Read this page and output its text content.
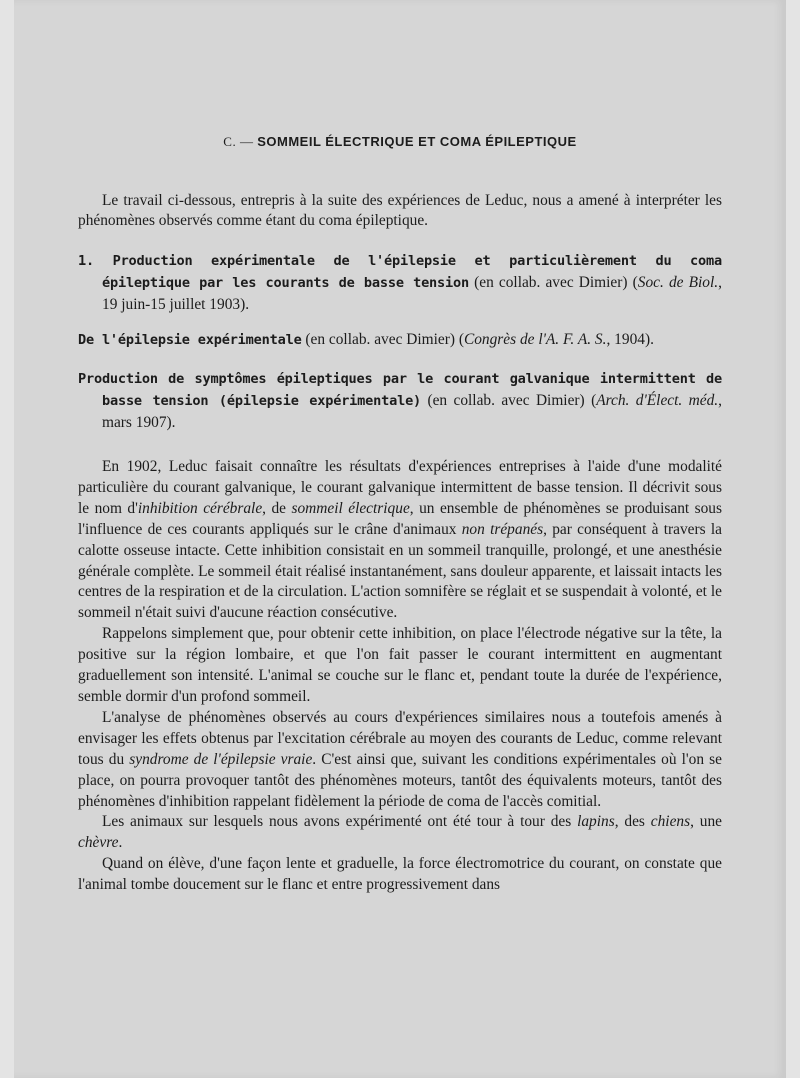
C. — SOMMEIL ÉLECTRIQUE ET COMA ÉPILEPTIQUE
Le travail ci-dessous, entrepris à la suite des expériences de Leduc, nous a amené à interpréter les phénomènes observés comme étant du coma épileptique.
1. Production expérimentale de l'épilepsie et particulièrement du coma épileptique par les courants de basse tension (en collab. avec Dimier) (Soc. de Biol., 19 juin-15 juillet 1903).
De l'épilepsie expérimentale (en collab. avec Dimier) (Congrès de l'A. F. A. S., 1904).
Production de symptômes épileptiques par le courant galvanique intermittent de basse tension (épilepsie expérimentale) (en collab. avec Dimier) (Arch. d'Élect. méd., mars 1907).

En 1902, Leduc faisait connaître les résultats d'expériences entreprises à l'aide d'une modalité particulière du courant galvanique, le courant galvanique intermittent de basse tension. Il décrivit sous le nom d'inhibition cérébrale, de sommeil électrique, un ensemble de phénomènes se produisant sous l'influence de ces courants appliqués sur le crâne d'animaux non trépanés, par conséquent à travers la calotte osseuse intacte. Cette inhibition consistait en un sommeil tranquille, prolongé, et une anesthésie générale complète. Le sommeil était réalisé instantanément, sans douleur apparente, et laissait intacts les centres de la respiration et de la circulation. L'action somnifère se réglait et se suspendait à volonté, et le sommeil n'était suivi d'aucune réaction consécutive.

Rappelons simplement que, pour obtenir cette inhibition, on place l'électrode négative sur la tête, la positive sur la région lombaire, et que l'on fait passer le courant intermittent en augmentant graduellement son intensité. L'animal se couche sur le flanc et, pendant toute la durée de l'expérience, semble dormir d'un profond sommeil.

L'analyse de phénomènes observés au cours d'expériences similaires nous a toutefois amenés à envisager les effets obtenus par l'excitation cérébrale au moyen des courants de Leduc, comme relevant tous du syndrome de l'épilepsie vraie. C'est ainsi que, suivant les conditions expérimentales où l'on se place, on pourra provoquer tantôt des phénomènes moteurs, tantôt des équivalents moteurs, tantôt des phénomènes d'inhibition rappelant fidèlement la période de coma de l'accès comitial.

Les animaux sur lesquels nous avons expérimenté ont été tour à tour des lapins, des chiens, une chèvre.

Quand on élève, d'une façon lente et graduelle, la force électromotrice du courant, on constate que l'animal tombe doucement sur le flanc et entre progressivement dans
